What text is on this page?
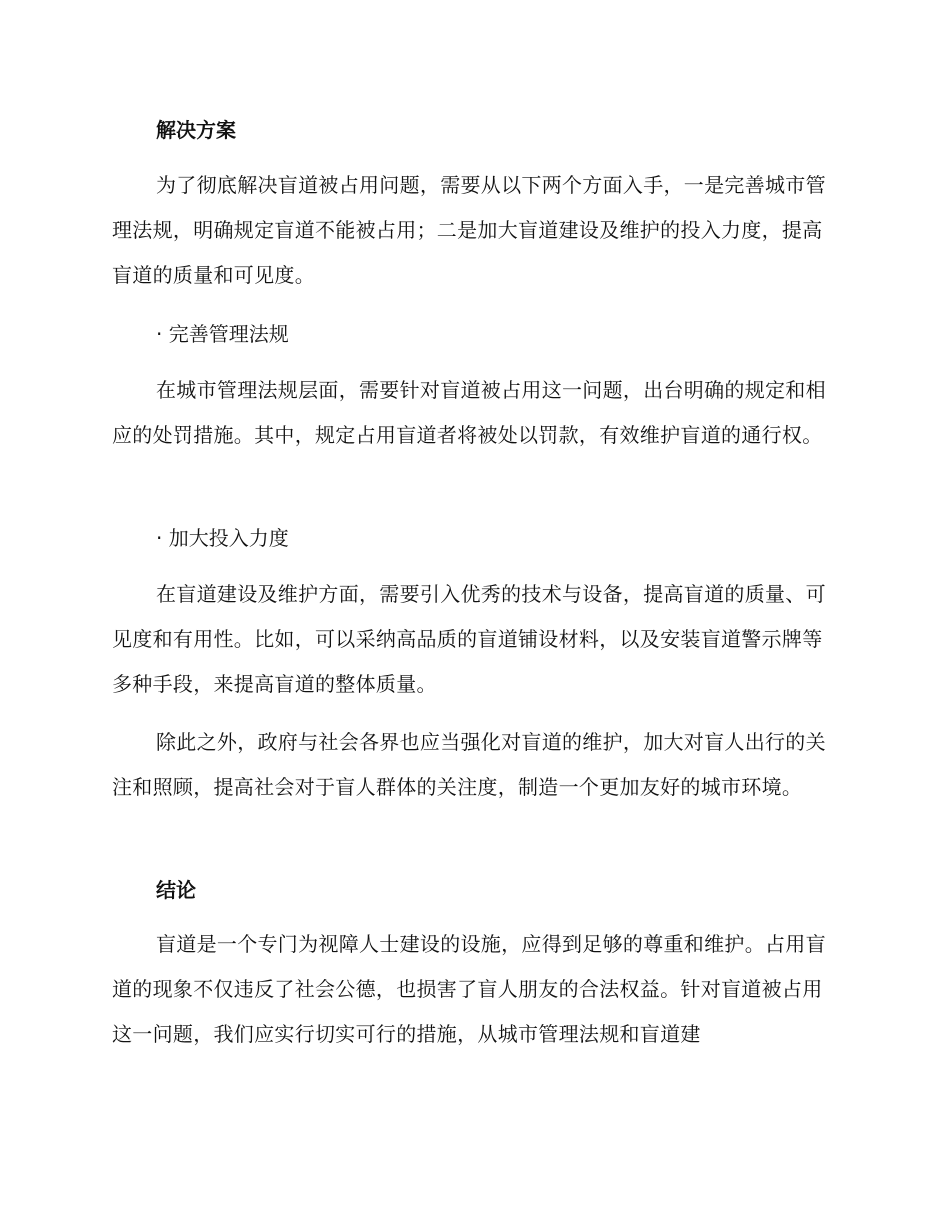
解决方案

为了彻底解决盲道被占用问题，需要从以下两个方面入手，一是完善城市管理法规，明确规定盲道不能被占用；二是加大盲道建设及维护的投入力度，提高盲道的质量和可见度。

· 完善管理法规

在城市管理法规层面，需要针对盲道被占用这一问题，出台明确的规定和相应的处罚措施。其中，规定占用盲道者将被处以罚款，有效维护盲道的通行权。

· 加大投入力度

在盲道建设及维护方面，需要引入优秀的技术与设备，提高盲道的质量、可见度和有用性。比如，可以采纳高品质的盲道铺设材料，以及安装盲道警示牌等多种手段，来提高盲道的整体质量。

除此之外，政府与社会各界也应当强化对盲道的维护，加大对盲人出行的关注和照顾，提高社会对于盲人群体的关注度，制造一个更加友好的城市环境。

结论

盲道是一个专门为视障人士建设的设施，应得到足够的尊重和维护。占用盲道的现象不仅违反了社会公德，也损害了盲人朋友的合法权益。针对盲道被占用这一问题，我们应实行切实可行的措施，从城市管理法规和盲道建
